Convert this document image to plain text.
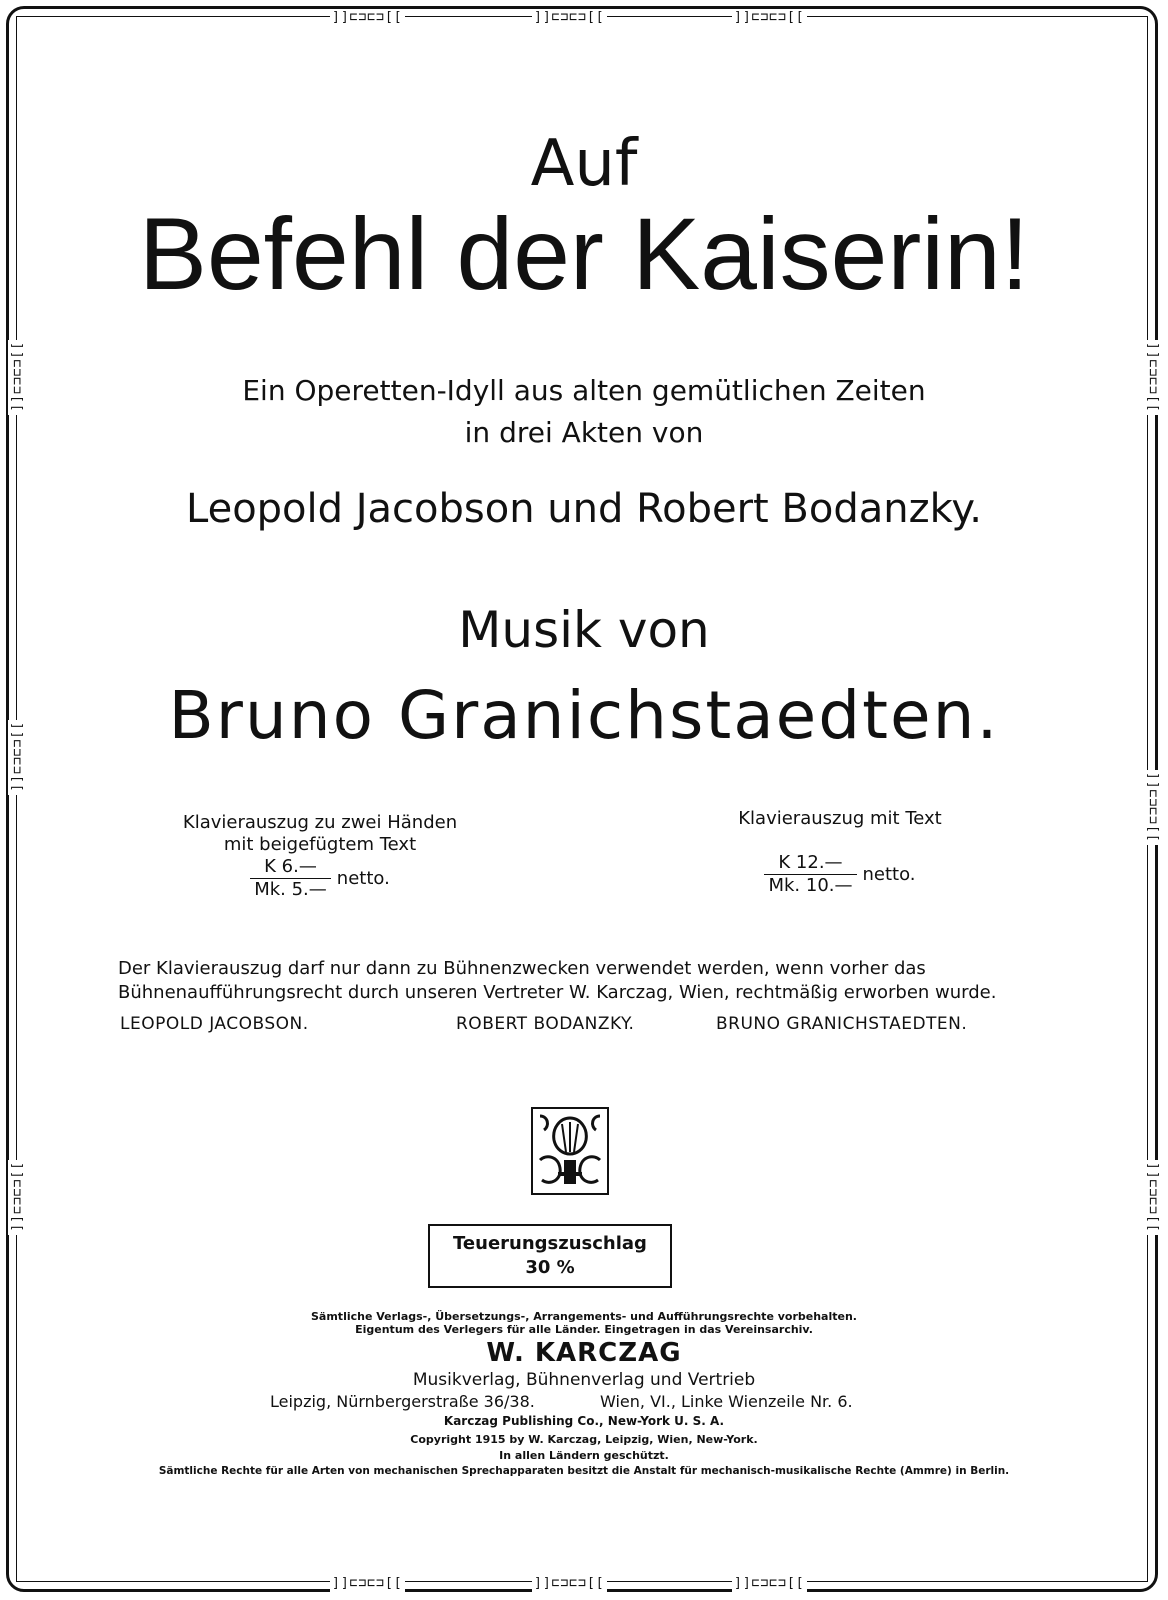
]]⊏⊐⊏⊐[[	]]⊏⊐⊏⊐[[	]]⊏⊐⊏⊐[[
]]⊏⊐⊏⊐[[	]]⊏⊐⊏⊐[[	]]⊏⊐⊏⊐[[
]]⊏⊐⊏⊐[[
]]⊏⊐⊏⊐[[
]]⊏⊐⊏⊐[[
]]⊏⊐⊏⊐[[
]]⊏⊐⊏⊐[[
]]⊏⊐⊏⊐[[
Auf
Befehl der Kaiserin!
Ein Operetten-Idyll aus alten gemütlichen Zeiten
in drei Akten von
Leopold Jacobson und Robert Bodanzky.
Musik von
Bruno Granichstaedten.
Klavierauszug zu zwei Händen
mit beigefügtem Text
$\frac{K 6.—}{Mk. 5.—}$ netto.
Klavierauszug mit Text
$\frac{K 12.—}{Mk. 10.—}$ netto.
Der Klavierauszug darf nur dann zu Bühnenzwecken verwendet werden, wenn vorher das
Bühnenaufführungsrecht durch unseren Vertreter W. Karczag, Wien, rechtmäßig erworben wurde.
LEOPOLD JACOBSON.	ROBERT BODANZKY.	BRUNO GRANICHSTAEDTEN.
Teuerungszuschlag
30 %
Sämtliche Verlags-, Übersetzungs-, Arrangements- und Aufführungsrechte vorbehalten.
Eigentum des Verlegers für alle Länder. Eingetragen in das Vereinsarchiv.
W. KARCZAG
Musikverlag, Bühnenverlag und Vertrieb
Leipzig, Nürnbergerstraße 36/38.	Wien, VI., Linke Wienzeile Nr. 6.
Karczag Publishing Co., New-York U. S. A.
Copyright 1915 by W. Karczag, Leipzig, Wien, New-York.
In allen Ländern geschützt.
Sämtliche Rechte für alle Arten von mechanischen Sprechapparaten besitzt die Anstalt für mechanisch-musikalische Rechte (Ammre) in Berlin.
